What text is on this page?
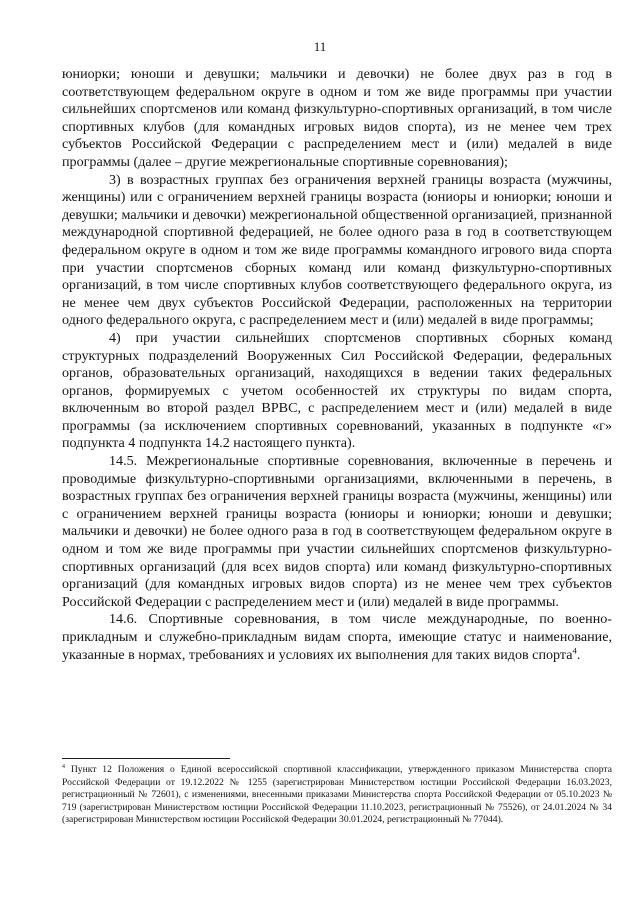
11

юниорки; юноши и девушки; мальчики и девочки) не более двух раз в год в соответствующем федеральном округе в одном и том же виде программы при участии сильнейших спортсменов или команд физкультурно-спортивных организаций, в том числе спортивных клубов (для командных игровых видов спорта), из не менее чем трех субъектов Российской Федерации с распределением мест и (или) медалей в виде программы (далее – другие межрегиональные спортивные соревнования);

3) в возрастных группах без ограничения верхней границы возраста (мужчины, женщины) или с ограничением верхней границы возраста (юниоры и юниорки; юноши и девушки; мальчики и девочки) межрегиональной общественной организацией, признанной международной спортивной федерацией, не более одного раза в год в соответствующем федеральном округе в одном и том же виде программы командного игрового вида спорта при участии спортсменов сборных команд или команд физкультурно-спортивных организаций, в том числе спортивных клубов соответствующего федерального округа, из не менее чем двух субъектов Российской Федерации, расположенных на территории одного федерального округа, с распределением мест и (или) медалей в виде программы;

4) при участии сильнейших спортсменов спортивных сборных команд структурных подразделений Вооруженных Сил Российской Федерации, федеральных органов, образовательных организаций, находящихся в ведении таких федеральных органов, формируемых с учетом особенностей их структуры по видам спорта, включенным во второй раздел ВРВС, с распределением мест и (или) медалей в виде программы (за исключением спортивных соревнований, указанных в подпункте «г» подпункта 4 подпункта 14.2 настоящего пункта).

14.5. Межрегиональные спортивные соревнования, включенные в перечень и проводимые физкультурно-спортивными организациями, включенными в перечень, в возрастных группах без ограничения верхней границы возраста (мужчины, женщины) или с ограничением верхней границы возраста (юниоры и юниорки; юноши и девушки; мальчики и девочки) не более одного раза в год в соответствующем федеральном округе в одном и том же виде программы при участии сильнейших спортсменов физкультурно-спортивных организаций (для всех видов спорта) или команд физкультурно-спортивных организаций (для командных игровых видов спорта) из не менее чем трех субъектов Российской Федерации с распределением мест и (или) медалей в виде программы.

14.6. Спортивные соревнования, в том числе международные, по военно-прикладным и служебно-прикладным видам спорта, имеющие статус и наименование, указанные в нормах, требованиях и условиях их выполнения для таких видов спорта$^4$.

$^4$ Пункт 12 Положения о Единой всероссийской спортивной классификации, утвержденного приказом Министерства спорта Российской Федерации от 19.12.2022 № 1255 (зарегистрирован Министерством юстиции Российской Федерации 16.03.2023, регистрационный № 72601), с изменениями, внесенными приказами Министерства спорта Российской Федерации от 05.10.2023 № 719 (зарегистрирован Министерством юстиции Российской Федерации 11.10.2023, регистрационный № 75526), от 24.01.2024 № 34 (зарегистрирован Министерством юстиции Российской Федерации 30.01.2024, регистрационный № 77044).
